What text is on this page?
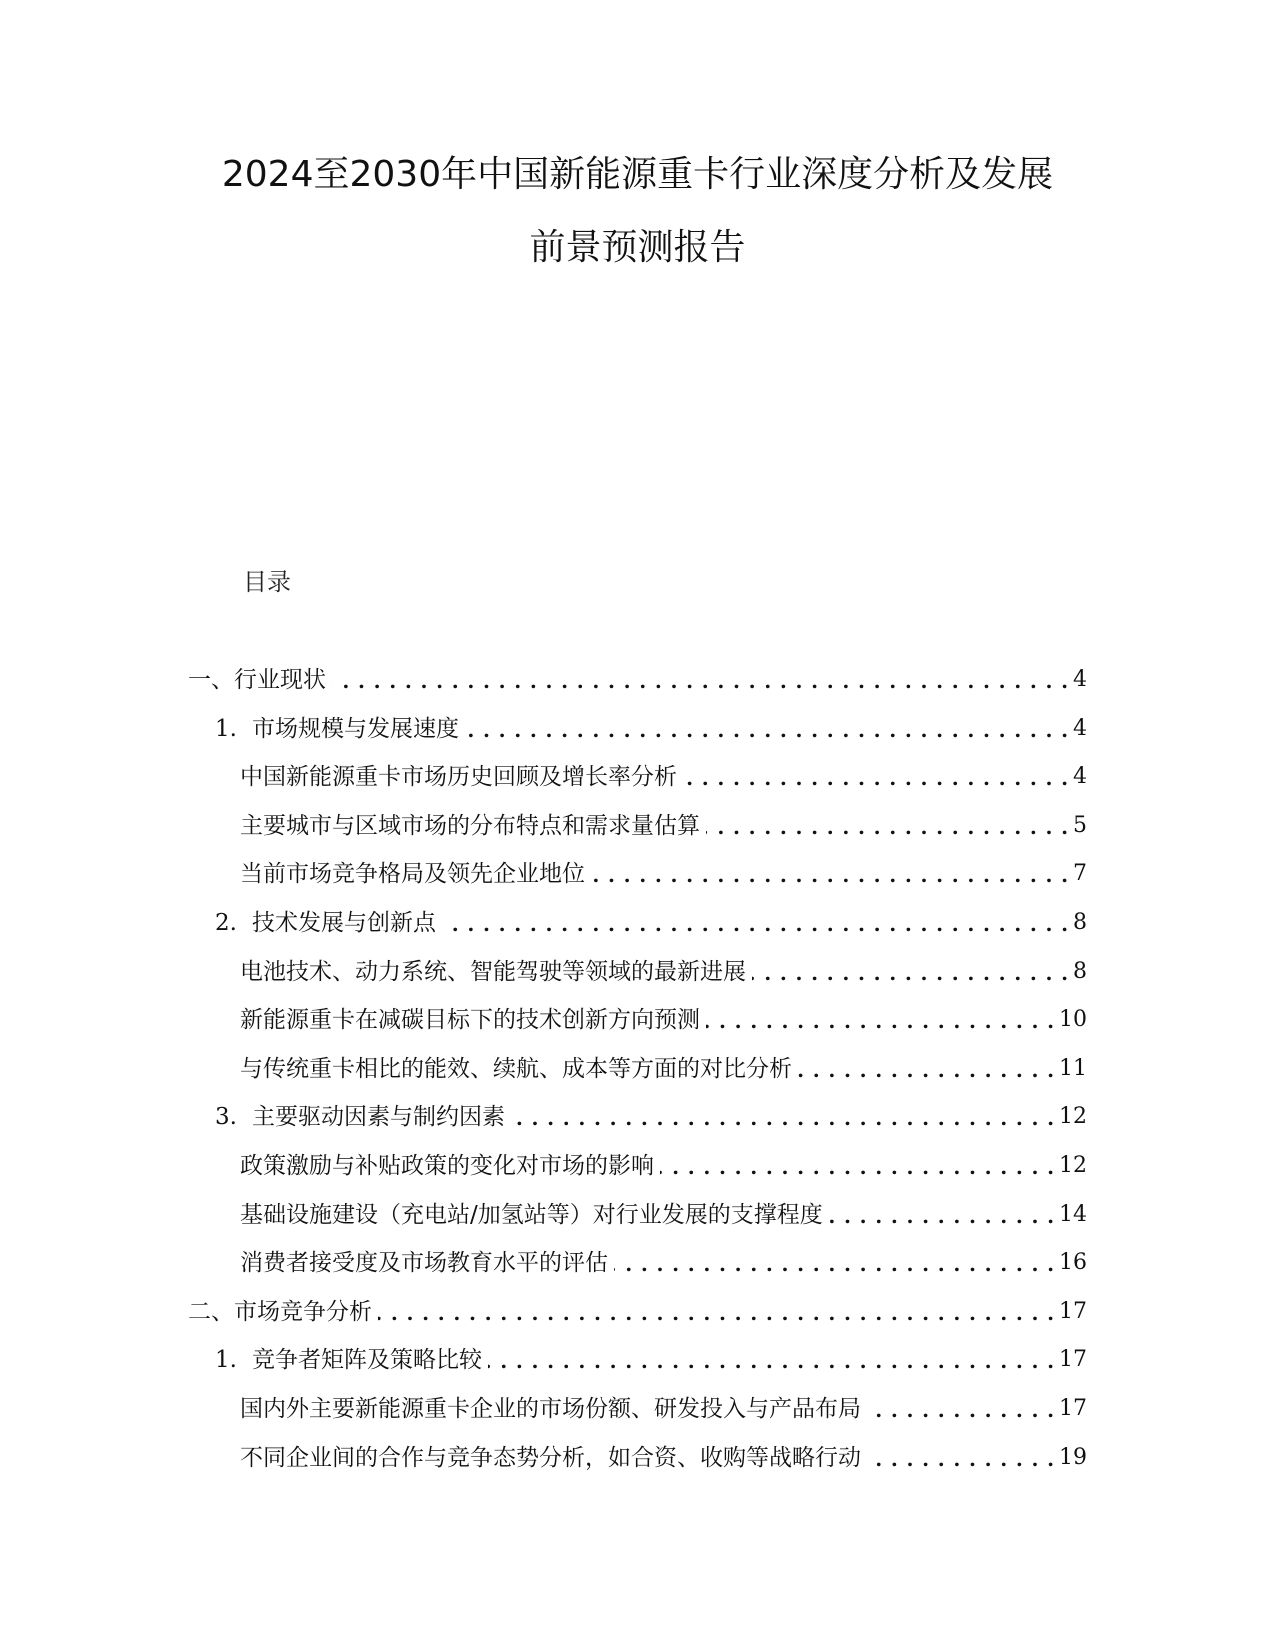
2024至2030年中国新能源重卡行业深度分析及发展
前景预测报告
目录
一、 行业现状 . . .	4
1. 市场规模与发展速度 . . .	4
中国新能源重卡市场历史回顾及增长率分析 . . .	4
主要城市与区域市场的分布特点和需求量估算 . . .	5
当前市场竞争格局及领先企业地位 . . .	7
2. 技术发展与创新点 . . .	8
电池技术、动力系统、智能驾驶等领域的最新进展 . . .	8
新能源重卡在减碳目标下的技术创新方向预测 . . .	10
与传统重卡相比的能效、续航、成本等方面的对比分析 . . .	11
3. 主要驱动因素与制约因素 . . .	12
政策激励与补贴政策的变化对市场的影响 . . .	12
基础设施建设（充电站/加氢站等）对行业发展的支撑程度 . . .	14
消费者接受度及市场教育水平的评估 . . .	16
二、 市场竞争分析 . . .	17
1. 竞争者矩阵及策略比较 . . .	17
国内外主要新能源重卡企业的市场份额、研发投入与产品布局 . . .	17
不同企业间的合作与竞争态势分析，如合资、收购等战略行动 . . .	19
